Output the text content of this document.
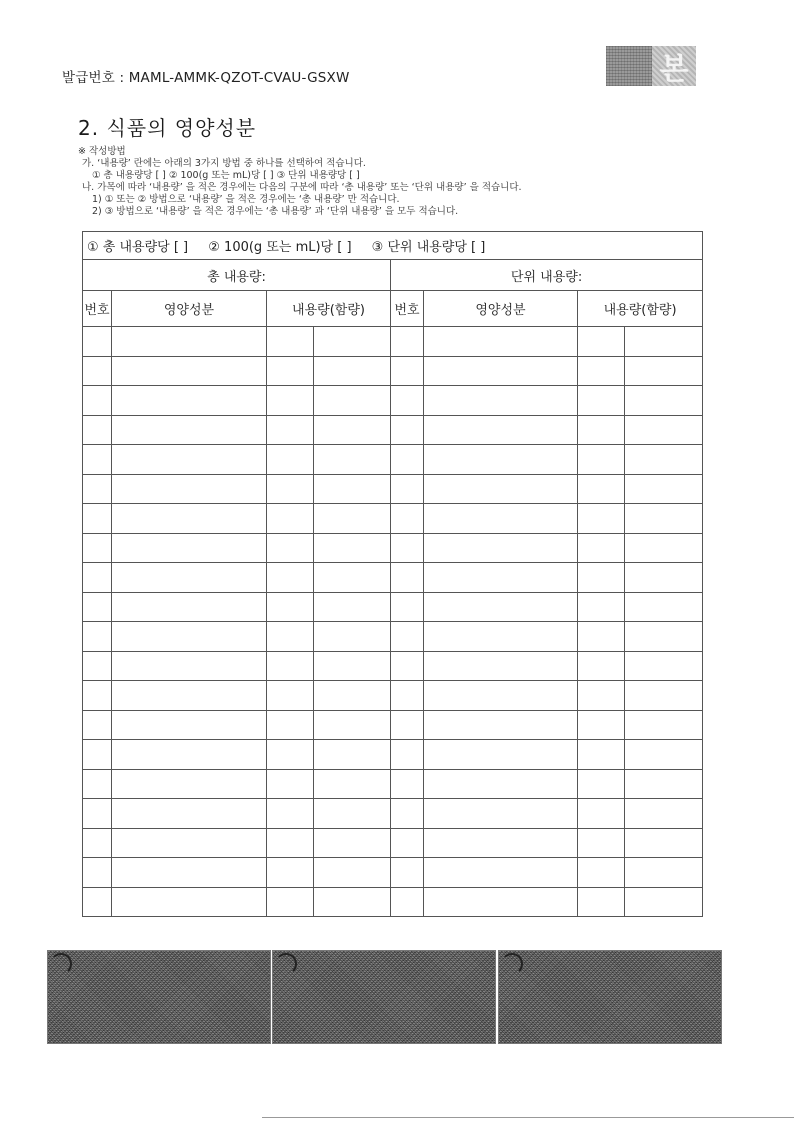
발급번호 : MAML-AMMK-QZOT-CVAU-GSXW	본
2. 식품의 영양성분
※ 작성방법
가. ‘내용량’ 란에는 아래의 3가지 방법 중 하나를 선택하여 적습니다.
① 총 내용량당 [ ] ② 100(g 또는 mL)당 [ ] ③ 단위 내용량당 [ ]
나. 가목에 따라 ‘내용량’ 을 적은 경우에는 다음의 구분에 따라 ‘총 내용량’ 또는 ‘단위 내용량’ 을 적습니다.
1) ① 또는 ② 방법으로 ‘내용량’ 을 적은 경우에는 ‘총 내용량’ 만 적습니다.
2) ③ 방법으로 ‘내용량’ 을 적은 경우에는 ‘총 내용량’ 과 ‘단위 내용량’ 을 모두 적습니다.
① 총 내용량당 [ ] ② 100(g 또는 mL)당 [ ] ③ 단위 내용량당 [ ]							
총 내용량:				단위 내용량:			
번호	영양성분	내용량(함량)		번호	영양성분	내용량(함량)	
